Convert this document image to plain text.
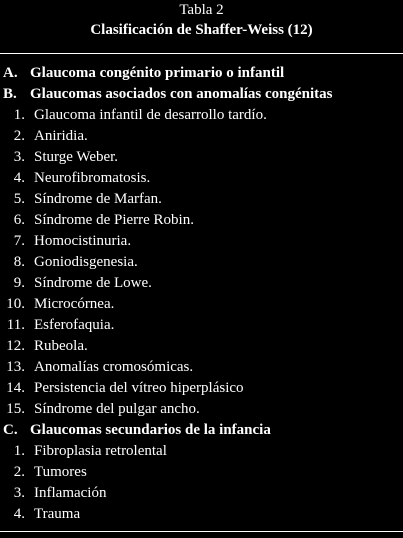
Tabla 2
Clasificación de Shaffer-Weiss (12)
A. Glaucoma congénito primario o infantil
B. Glaucomas asociados con anomalías congénitas
1. Glaucoma infantil de desarrollo tardío.
2. Aniridia.
3. Sturge Weber.
4. Neurofibromatosis.
5. Síndrome de Marfan.
6. Síndrome de Pierre Robin.
7. Homocistinuria.
8. Goniodisgenesia.
9. Síndrome de Lowe.
10. Microcórnea.
11. Esferofaquia.
12. Rubeola.
13. Anomalías cromosómicas.
14. Persistencia del vítreo hiperplásico
15. Síndrome del pulgar ancho.
C. Glaucomas secundarios de la infancia
1. Fibroplasia retrolental
2. Tumores
3. Inflamación
4. Trauma
